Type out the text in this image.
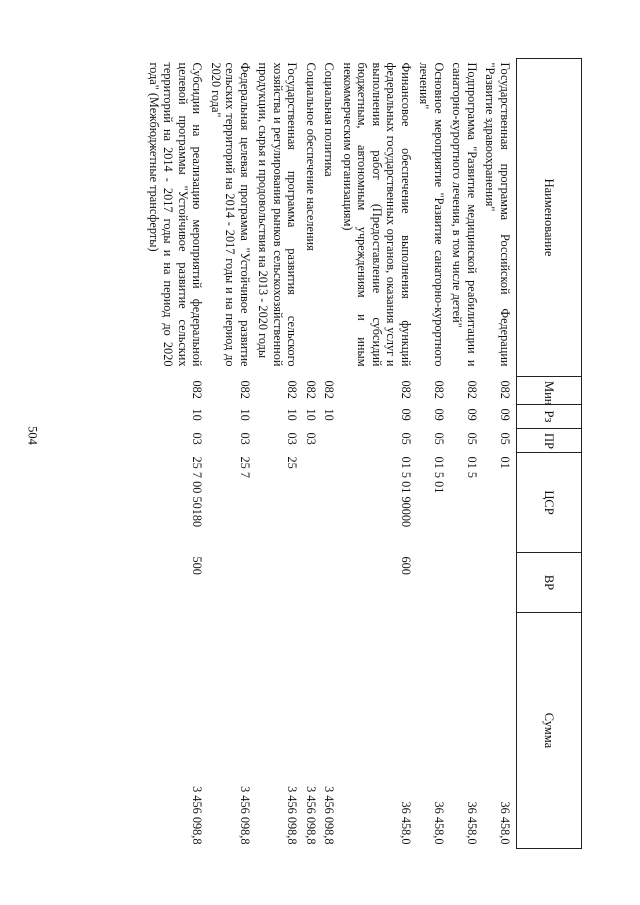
504
Наименование	Мин	Рз	ПР	ЦСР	ВР	Сумма
Государственная программа Российской Федерации "Развитие здравоохранения"	082	09	05	01		36 458,0
Подпрограмма "Развитие медицинской реабилитации и санаторно-курортного лечения, в том числе детей"	082	09	05	01 5		36 458,0
Основное мероприятие "Развитие санаторно-курортного лечения"	082	09	05	01 5 01		36 458,0
Финансовое обеспечение выполнения функций федеральных государственных органов, оказания услуг и выполнения работ (Предоставление субсидий бюджетным, автономным учреждениям и иным некоммерческим организациям)	082	09	05	01 5 01 90000	600	36 458,0
Социальная политика	082	10				3 456 098,8
Социальное обеспечение населения	082	10	03			3 456 098,8
Государственная программа развития сельского хозяйства и регулирования рынков сельскохозяйственной продукции, сырья и продовольствия на 2013 - 2020 годы	082	10	03	25		3 456 098,8
Федеральная целевая программа "Устойчивое развитие сельских территорий на 2014 - 2017 годы и на период до 2020 года"	082	10	03	25 7		3 456 098,8
Субсидии на реализацию мероприятий федеральной целевой программы "Устойчивое развитие сельских территорий на 2014 - 2017 годы и на период до 2020 года" (Межбюджетные трансферты)	082	10	03	25 7 00 50180	500	3 456 098,8
